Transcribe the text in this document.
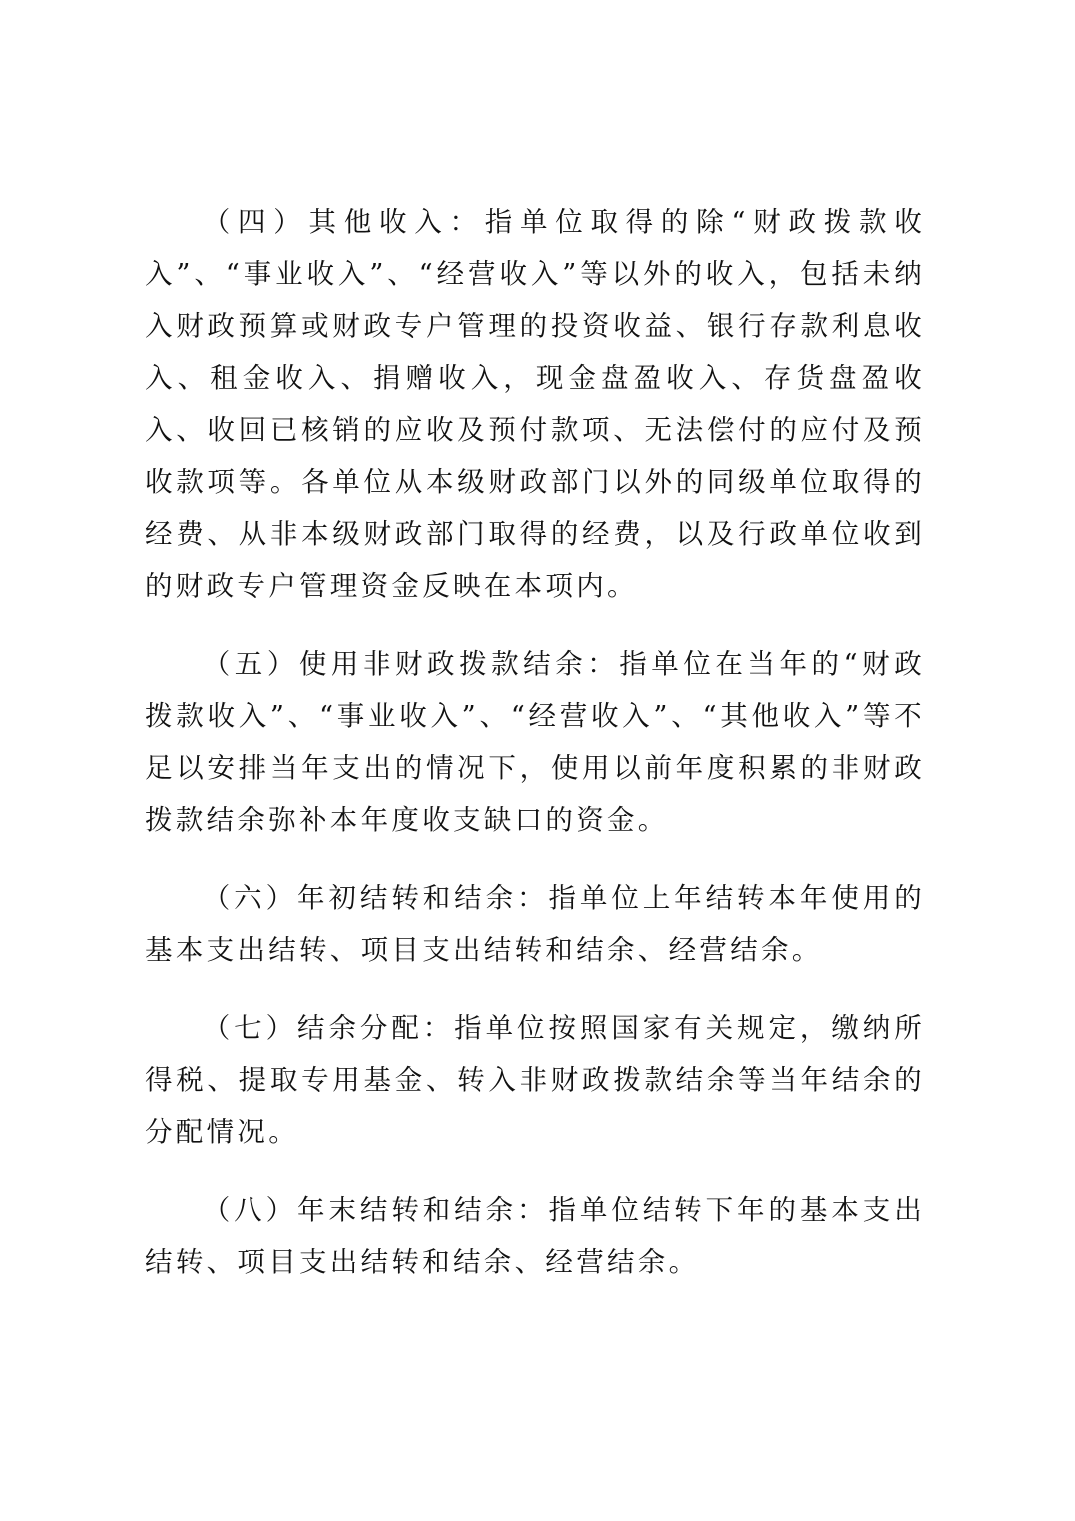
（四）其他收入：指单位取得的除“财政拨款收入”、“事业收入”、“经营收入”等以外的收入，包括未纳入财政预算或财政专户管理的投资收益、银行存款利息收入、租金收入、捐赠收入，现金盘盈收入、存货盘盈收入、收回已核销的应收及预付款项、无法偿付的应付及预收款项等。各单位从本级财政部门以外的同级单位取得的经费、从非本级财政部门取得的经费，以及行政单位收到的财政专户管理资金反映在本项内。

（五）使用非财政拨款结余：指单位在当年的“财政拨款收入”、“事业收入”、“经营收入”、“其他收入”等不足以安排当年支出的情况下，使用以前年度积累的非财政拨款结余弥补本年度收支缺口的资金。

（六）年初结转和结余：指单位上年结转本年使用的基本支出结转、项目支出结转和结余、经营结余。

（七）结余分配：指单位按照国家有关规定，缴纳所得税、提取专用基金、转入非财政拨款结余等当年结余的分配情况。

（八）年末结转和结余：指单位结转下年的基本支出结转、项目支出结转和结余、经营结余。
